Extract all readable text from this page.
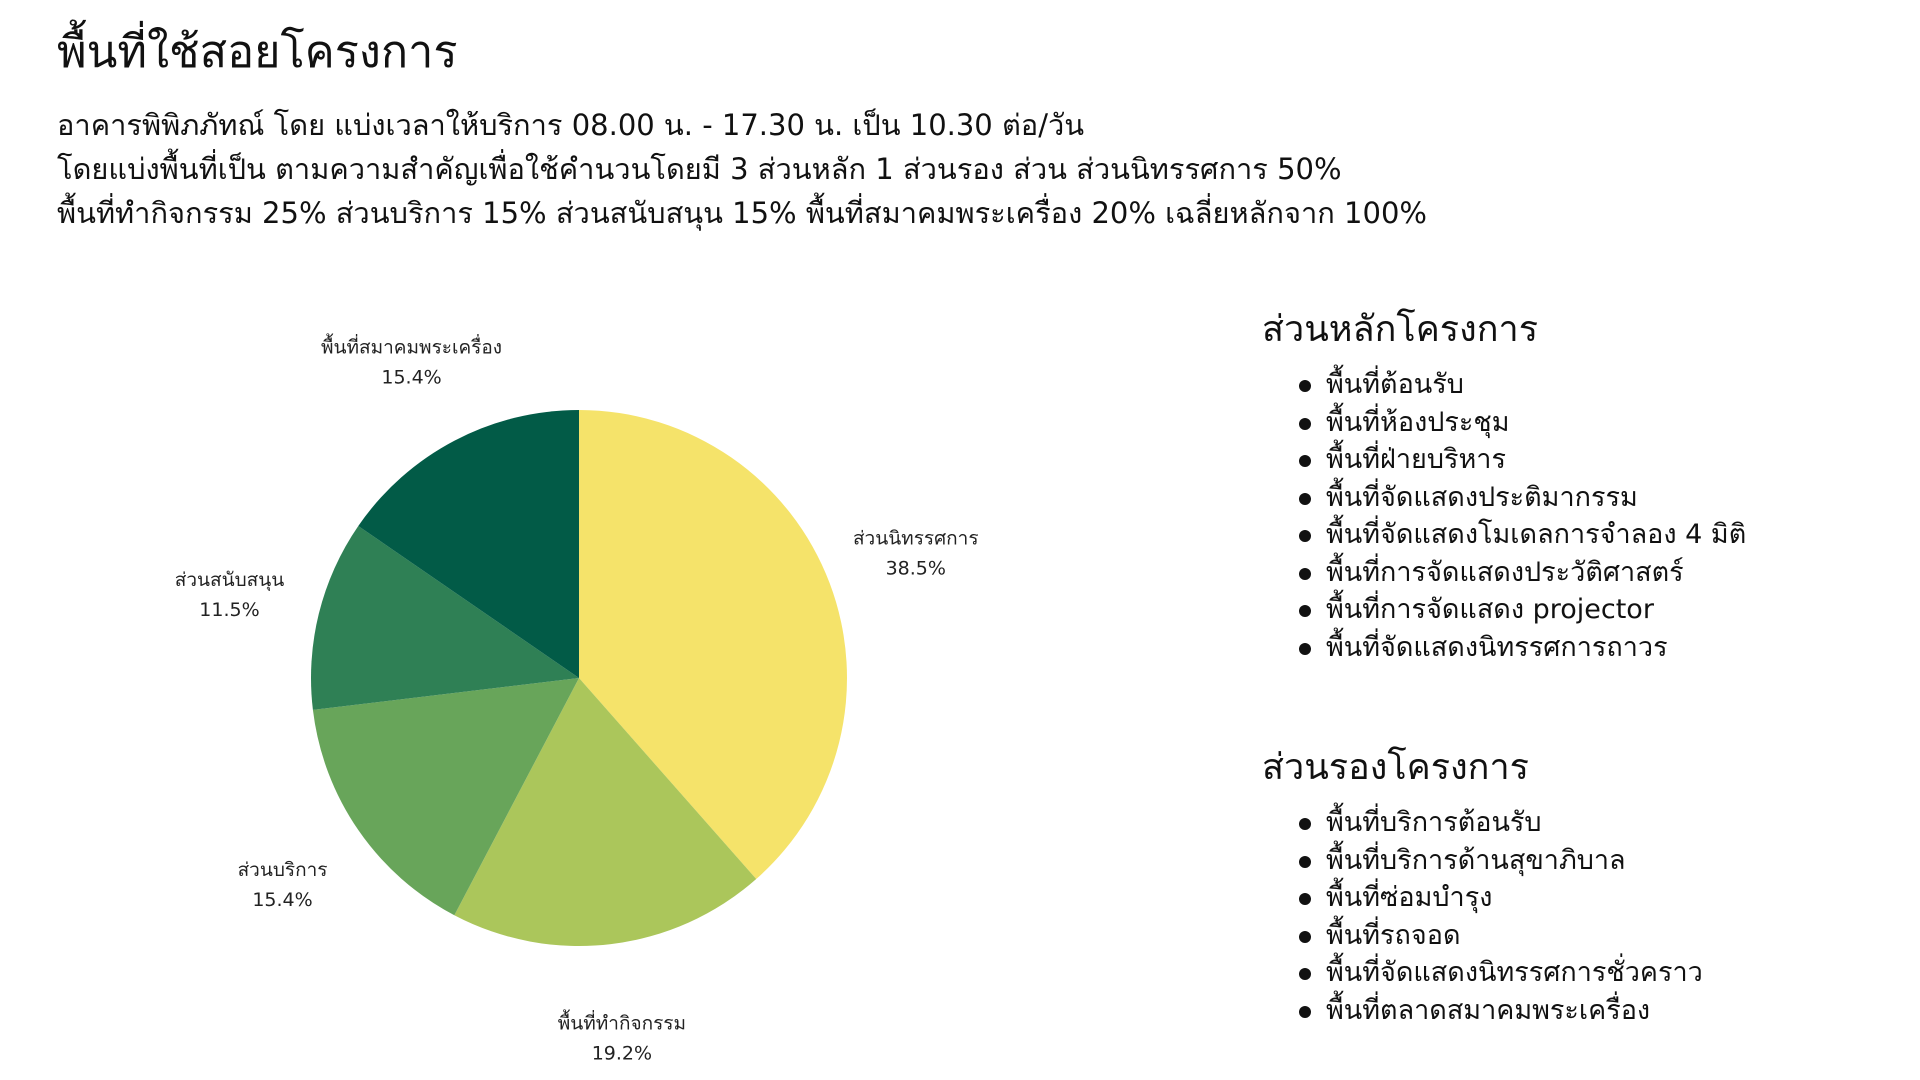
พื้นที่ใช้สอยโครงการ
อาคารพิพิภภัทณ์ โดย แบ่งเวลาให้บริการ 08.00 น. - 17.30 น. เป็น 10.30 ต่อ/วัน
โดยแบ่งพื้นที่เป็น ตามความสำคัญเพื่อใช้คำนวนโดยมี 3 ส่วนหลัก 1 ส่วนรอง ส่วน ส่วนนิทรรศการ 50%
พื้นที่ทำกิจกรรม 25% ส่วนบริการ 15% ส่วนสนับสนุน 15% พื้นที่สมาคมพระเครื่อง 20% เฉลี่ยหลักจาก 100%
ส่วนนิทรรศการ
38.5%
พื้นที่ทำกิจกรรม
19.2%
ส่วนบริการ
15.4%
ส่วนสนับสนุน
11.5%
พื้นที่สมาคมพระเครื่อง
15.4%
ส่วนหลักโครงการ
พื้นที่ต้อนรับ
พื้นที่ห้องประชุม
พื้นที่ฝ่ายบริหาร
พื้นที่จัดแสดงประติมากรรม
พื้นที่จัดแสดงโมเดลการจำลอง 4 มิติ
พื้นที่การจัดแสดงประวัติศาสตร์
พื้นที่การจัดแสดง projector
พื้นที่จัดแสดงนิทรรศการถาวร
ส่วนรองโครงการ
พื้นที่บริการต้อนรับ
พื้นที่บริการด้านสุขาภิบาล
พื้นที่ซ่อมบำรุง
พื้นที่รถจอด
พื้นที่จัดแสดงนิทรรศการชั่วคราว
พื้นที่ตลาดสมาคมพระเครื่อง
